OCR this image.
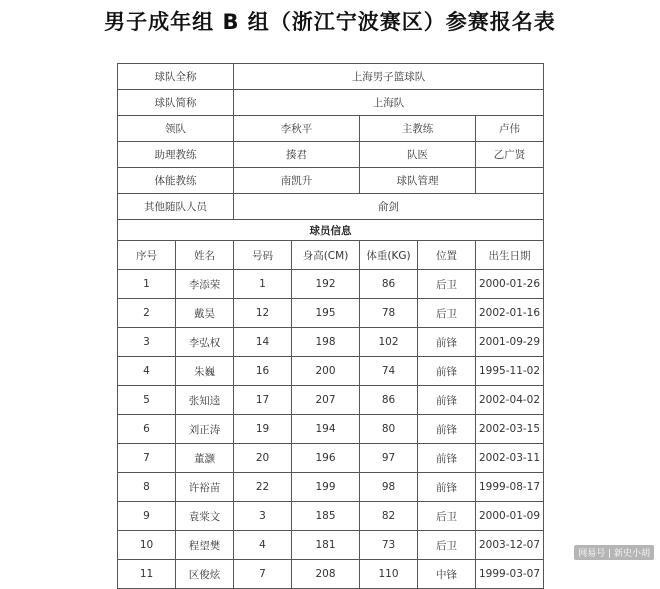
男子成年组 B 组（浙江宁波赛区）参赛报名表
球队全称		上海男子篮球队				
球队简称		上海队				
领队		李秋平		主教练		卢伟
助理教练		揍君		队医		乙广贤
体能教练		南凯升		球队管理		
其他随队人员		俞剑				
球员信息						
序号	姓名	号码	身高(CM)	体重(KG)	位置	出生日期
1	李添荣	1	192	86	后卫	2000-01-26
2	戴昊	12	195	78	后卫	2002-01-16
3	李弘权	14	198	102	前锋	2001-09-29
4	朱巍	16	200	74	前锋	1995-11-02
5	张知逵	17	207	86	前锋	2002-04-02
6	刘正涛	19	194	80	前锋	2002-03-15
7	董灏	20	196	97	前锋	2002-03-11
8	许裕苗	22	199	98	前锋	1999-08-17
9	袁棠文	3	185	82	后卫	2000-01-09
10	程望樊	4	181	73	后卫	2003-12-07
11	区俊炫	7	208	110	中锋	1999-03-07
网易号 | 新史小胡
